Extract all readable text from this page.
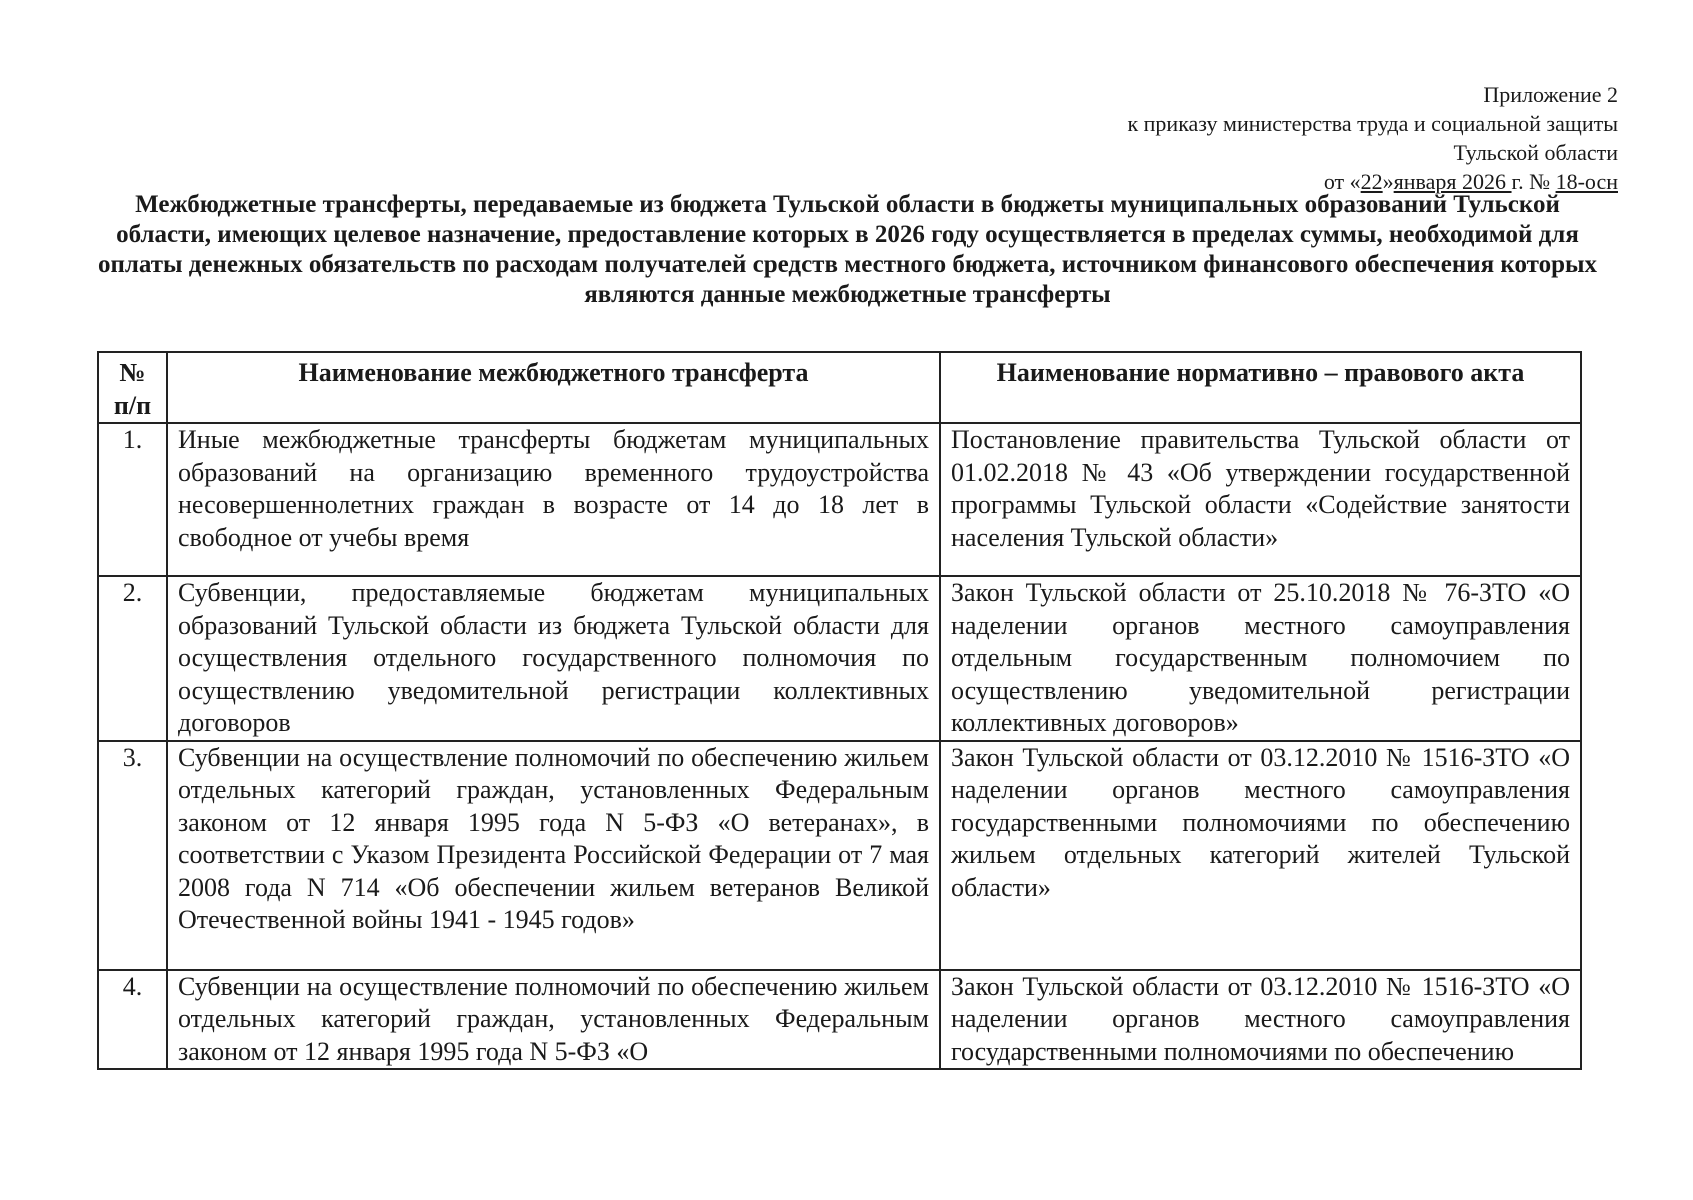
Приложение 2
к приказу министерства труда и социальной защиты
Тульской области
от «22»января 2026 г. № 18-осн
Межбюджетные трансферты, передаваемые из бюджета Тульской области в бюджеты муниципальных образований Тульской области, имеющих целевое назначение, предоставление которых в 2026 году осуществляется в пределах суммы, необходимой для оплаты денежных обязательств по расходам получателей средств местного бюджета, источником финансового обеспечения которых являются данные межбюджетные трансферты
№ п/п	Наименование межбюджетного трансферта	Наименование нормативно – правового акта
1.	Иные межбюджетные трансферты бюджетам муниципальных образований на организацию временного трудоустройства несовершеннолетних граждан в возрасте от 14 до 18 лет в свободное от учебы время	Постановление правительства Тульской области от 01.02.2018 № 43 «Об утверждении государственной программы Тульской области «Содействие занятости населения Тульской области»
2.	Субвенции, предоставляемые бюджетам муниципальных образований Тульской области из бюджета Тульской области для осуществления отдельного государственного полномочия по осуществлению уведомительной регистрации коллективных договоров	Закон Тульской области от 25.10.2018 № 76-ЗТО «О наделении органов местного самоуправления отдельным государственным полномочием по осуществлению уведомительной регистрации коллективных договоров»
3.	Субвенции на осуществление полномочий по обеспечению жильем отдельных категорий граждан, установленных Федеральным законом от 12 января 1995 года N 5-ФЗ «О ветеранах», в соответствии с Указом Президента Российской Федерации от 7 мая 2008 года N 714 «Об обеспечении жильем ветеранов Великой Отечественной войны 1941 - 1945 годов»	Закон Тульской области от 03.12.2010 № 1516-ЗТО «О наделении органов местного самоуправления государственными полномочиями по обеспечению жильем отдельных категорий жителей Тульской области»
4.	Субвенции на осуществление полномочий по обеспечению жильем отдельных категорий граждан, установленных Федеральным законом от 12 января 1995 года N 5-ФЗ «О	Закон Тульской области от 03.12.2010 № 1516-ЗТО «О наделении органов местного самоуправления государственными полномочиями по обеспечению
